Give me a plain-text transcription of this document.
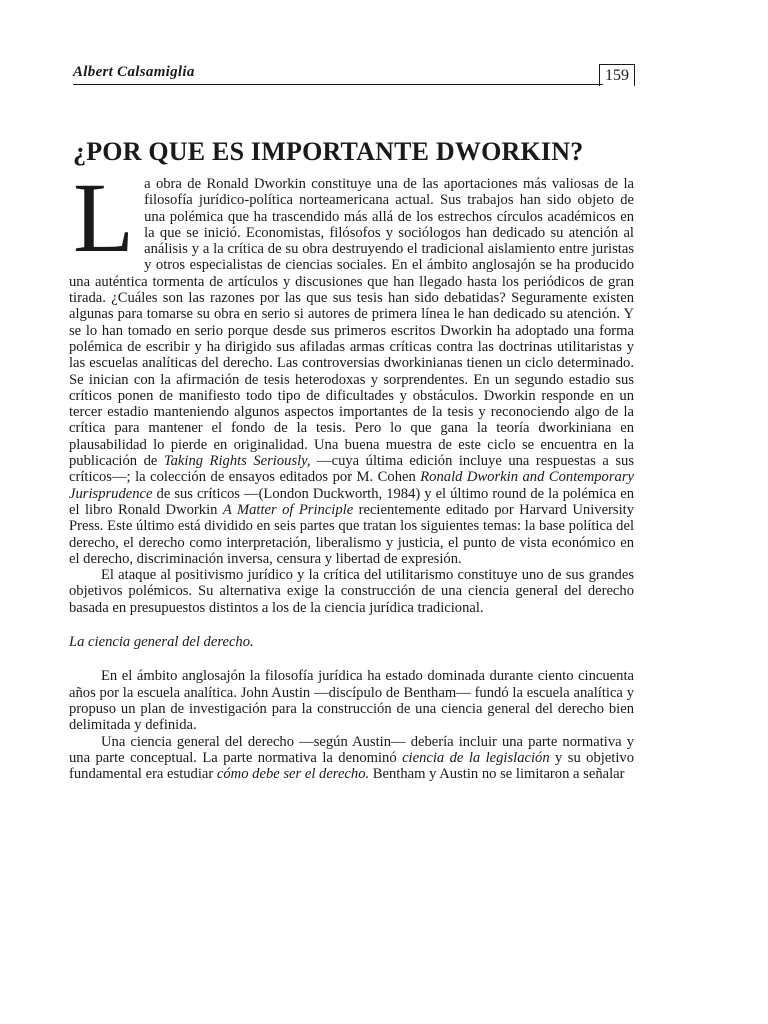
Albert Calsamiglia	159
¿POR QUE ES IMPORTANTE DWORKIN?

La obra de Ronald Dworkin constituye una de las aportaciones más valiosas de la filosofía jurídico-política norteamericana actual. Sus trabajos han sido objeto de una polémica que ha trascendido más allá de los estrechos círculos académicos en la que se inició. Economistas, filósofos y sociólogos han dedicado su atención al análisis y a la crítica de su obra destruyendo el tradicional aislamiento entre juristas y otros especialistas de ciencias sociales. En el ámbito anglosajón se ha producido una auténtica tormenta de artículos y discusiones que han llegado hasta los periódicos de gran tirada. ¿Cuáles son las razones por las que sus tesis han sido debatidas? Seguramente existen algunas para tomarse su obra en serio si autores de primera línea le han dedicado su atención. Y se lo han tomado en serio porque desde sus primeros escritos Dworkin ha adoptado una forma polémica de escribir y ha dirigido sus afiladas armas críticas contra las doctrinas utilitaristas y las escuelas analíticas del derecho. Las controversias dworkinianas tienen un ciclo determinado. Se inician con la afirmación de tesis heterodoxas y sorprendentes. En un segundo estadio sus críticos ponen de manifiesto todo tipo de dificultades y obstáculos. Dworkin responde en un tercer estadio manteniendo algunos aspectos importantes de la tesis y reconociendo algo de la crítica para mantener el fondo de la tesis. Pero lo que gana la teoría dworkiniana en plausabilidad lo pierde en originalidad. Una buena muestra de este ciclo se encuentra en la publicación de Taking Rights Seriously, —cuya última edición incluye una respuestas a sus críticos—; la colección de ensayos editados por M. Cohen Ronald Dworkin and Contemporary Jurisprudence de sus críticos —(London Duckworth, 1984) y el último round de la polémica en el libro Ronald Dworkin A Matter of Principle recientemente editado por Harvard University Press. Este último está dividido en seis partes que tratan los siguientes temas: la base política del derecho, el derecho como interpretación, liberalismo y justicia, el punto de vista económico en el derecho, discriminación inversa, censura y libertad de expresión.

El ataque al positivismo jurídico y la crítica del utilitarismo constituye uno de sus grandes objetivos polémicos. Su alternativa exige la construcción de una ciencia general del derecho basada en presupuestos distintos a los de la ciencia jurídica tradicional.

La ciencia general del derecho.

En el ámbito anglosajón la filosofía jurídica ha estado dominada durante ciento cincuenta años por la escuela analítica. John Austin —discípulo de Bentham— fundó la escuela analítica y propuso un plan de investigación para la construcción de una ciencia general del derecho bien delimitada y definida.

Una ciencia general del derecho —según Austin— debería incluir una parte normativa y una parte conceptual. La parte normativa la denominó ciencia de la legislación y su objetivo fundamental era estudiar cómo debe ser el derecho. Bentham y Austin no se limitaron a señalar
